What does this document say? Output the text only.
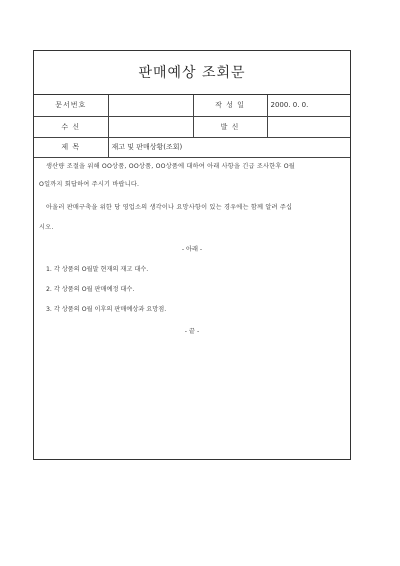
판매예상 조회문
문서번호		작 성 일	2000. 0. 0.
수 신		발 신	
제 목	재고 및 판매상황(조회)		

생산량 조절을 위해 OO상품, OO상품, OO상품에 대하여 아래 사항을 긴급 조사한후 O월

O일까지 회답하여 주시기 바랍니다.

아울러 판매구축을 위한 당 영업소의 생각이나 요망사항이 있는 경우에는 함께 알려 주십

시오.

- 아래 -

1. 각 상품의 O월말 현재의 재고 대수.

2. 각 상품의 O월 판매예정 대수.

3. 각 상품의 O월 이후의 판매예상과 요망점.

- 끝 -
